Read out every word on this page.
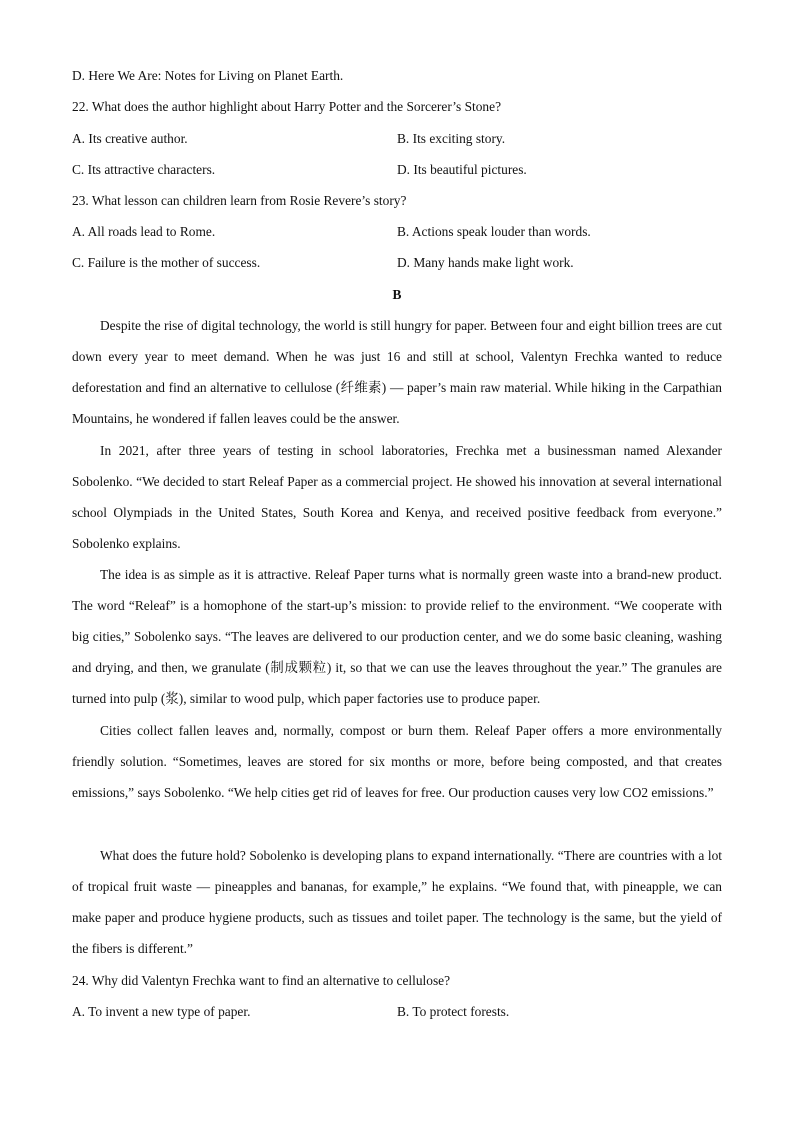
D. Here We Are: Notes for Living on Planet Earth.
22. What does the author highlight about Harry Potter and the Sorcerer’s Stone?
A. Its creative author.	B. Its exciting story.
C. Its attractive characters.	D. Its beautiful pictures.
23. What lesson can children learn from Rosie Revere’s story?
A. All roads lead to Rome.	B. Actions speak louder than words.
C. Failure is the mother of success.	D. Many hands make light work.
B

Despite the rise of digital technology, the world is still hungry for paper. Between four and eight billion trees are cut down every year to meet demand. When he was just 16 and still at school, Valentyn Frechka wanted to reduce deforestation and find an alternative to cellulose (纤维素) — paper’s main raw material. While hiking in the Carpathian Mountains, he wondered if fallen leaves could be the answer.

In 2021, after three years of testing in school laboratories, Frechka met a businessman named Alexander Sobolenko. “We decided to start Releaf Paper as a commercial project. He showed his innovation at several international school Olympiads in the United States, South Korea and Kenya, and received positive feedback from everyone.” Sobolenko explains.

The idea is as simple as it is attractive. Releaf Paper turns what is normally green waste into a brand-new product. The word “Releaf” is a homophone of the start-up’s mission: to provide relief to the environment. “We cooperate with big cities,” Sobolenko says. “The leaves are delivered to our production center, and we do some basic cleaning, washing and drying, and then, we granulate (制成颗粒) it, so that we can use the leaves throughout the year.” The granules are turned into pulp (浆), similar to wood pulp, which paper factories use to produce paper.

Cities collect fallen leaves and, normally, compost or burn them. Releaf Paper offers a more environmentally friendly solution. “Sometimes, leaves are stored for six months or more, before being composted, and that creates emissions,” says Sobolenko. “We help cities get rid of leaves for free. Our production causes very low CO2 emissions.”

What does the future hold? Sobolenko is developing plans to expand internationally. “There are countries with a lot of tropical fruit waste — pineapples and bananas, for example,” he explains. “We found that, with pineapple, we can make paper and produce hygiene products, such as tissues and toilet paper. The technology is the same, but the yield of the fibers is different.”

24. Why did Valentyn Frechka want to find an alternative to cellulose?
A. To invent a new type of paper.	B. To protect forests.
